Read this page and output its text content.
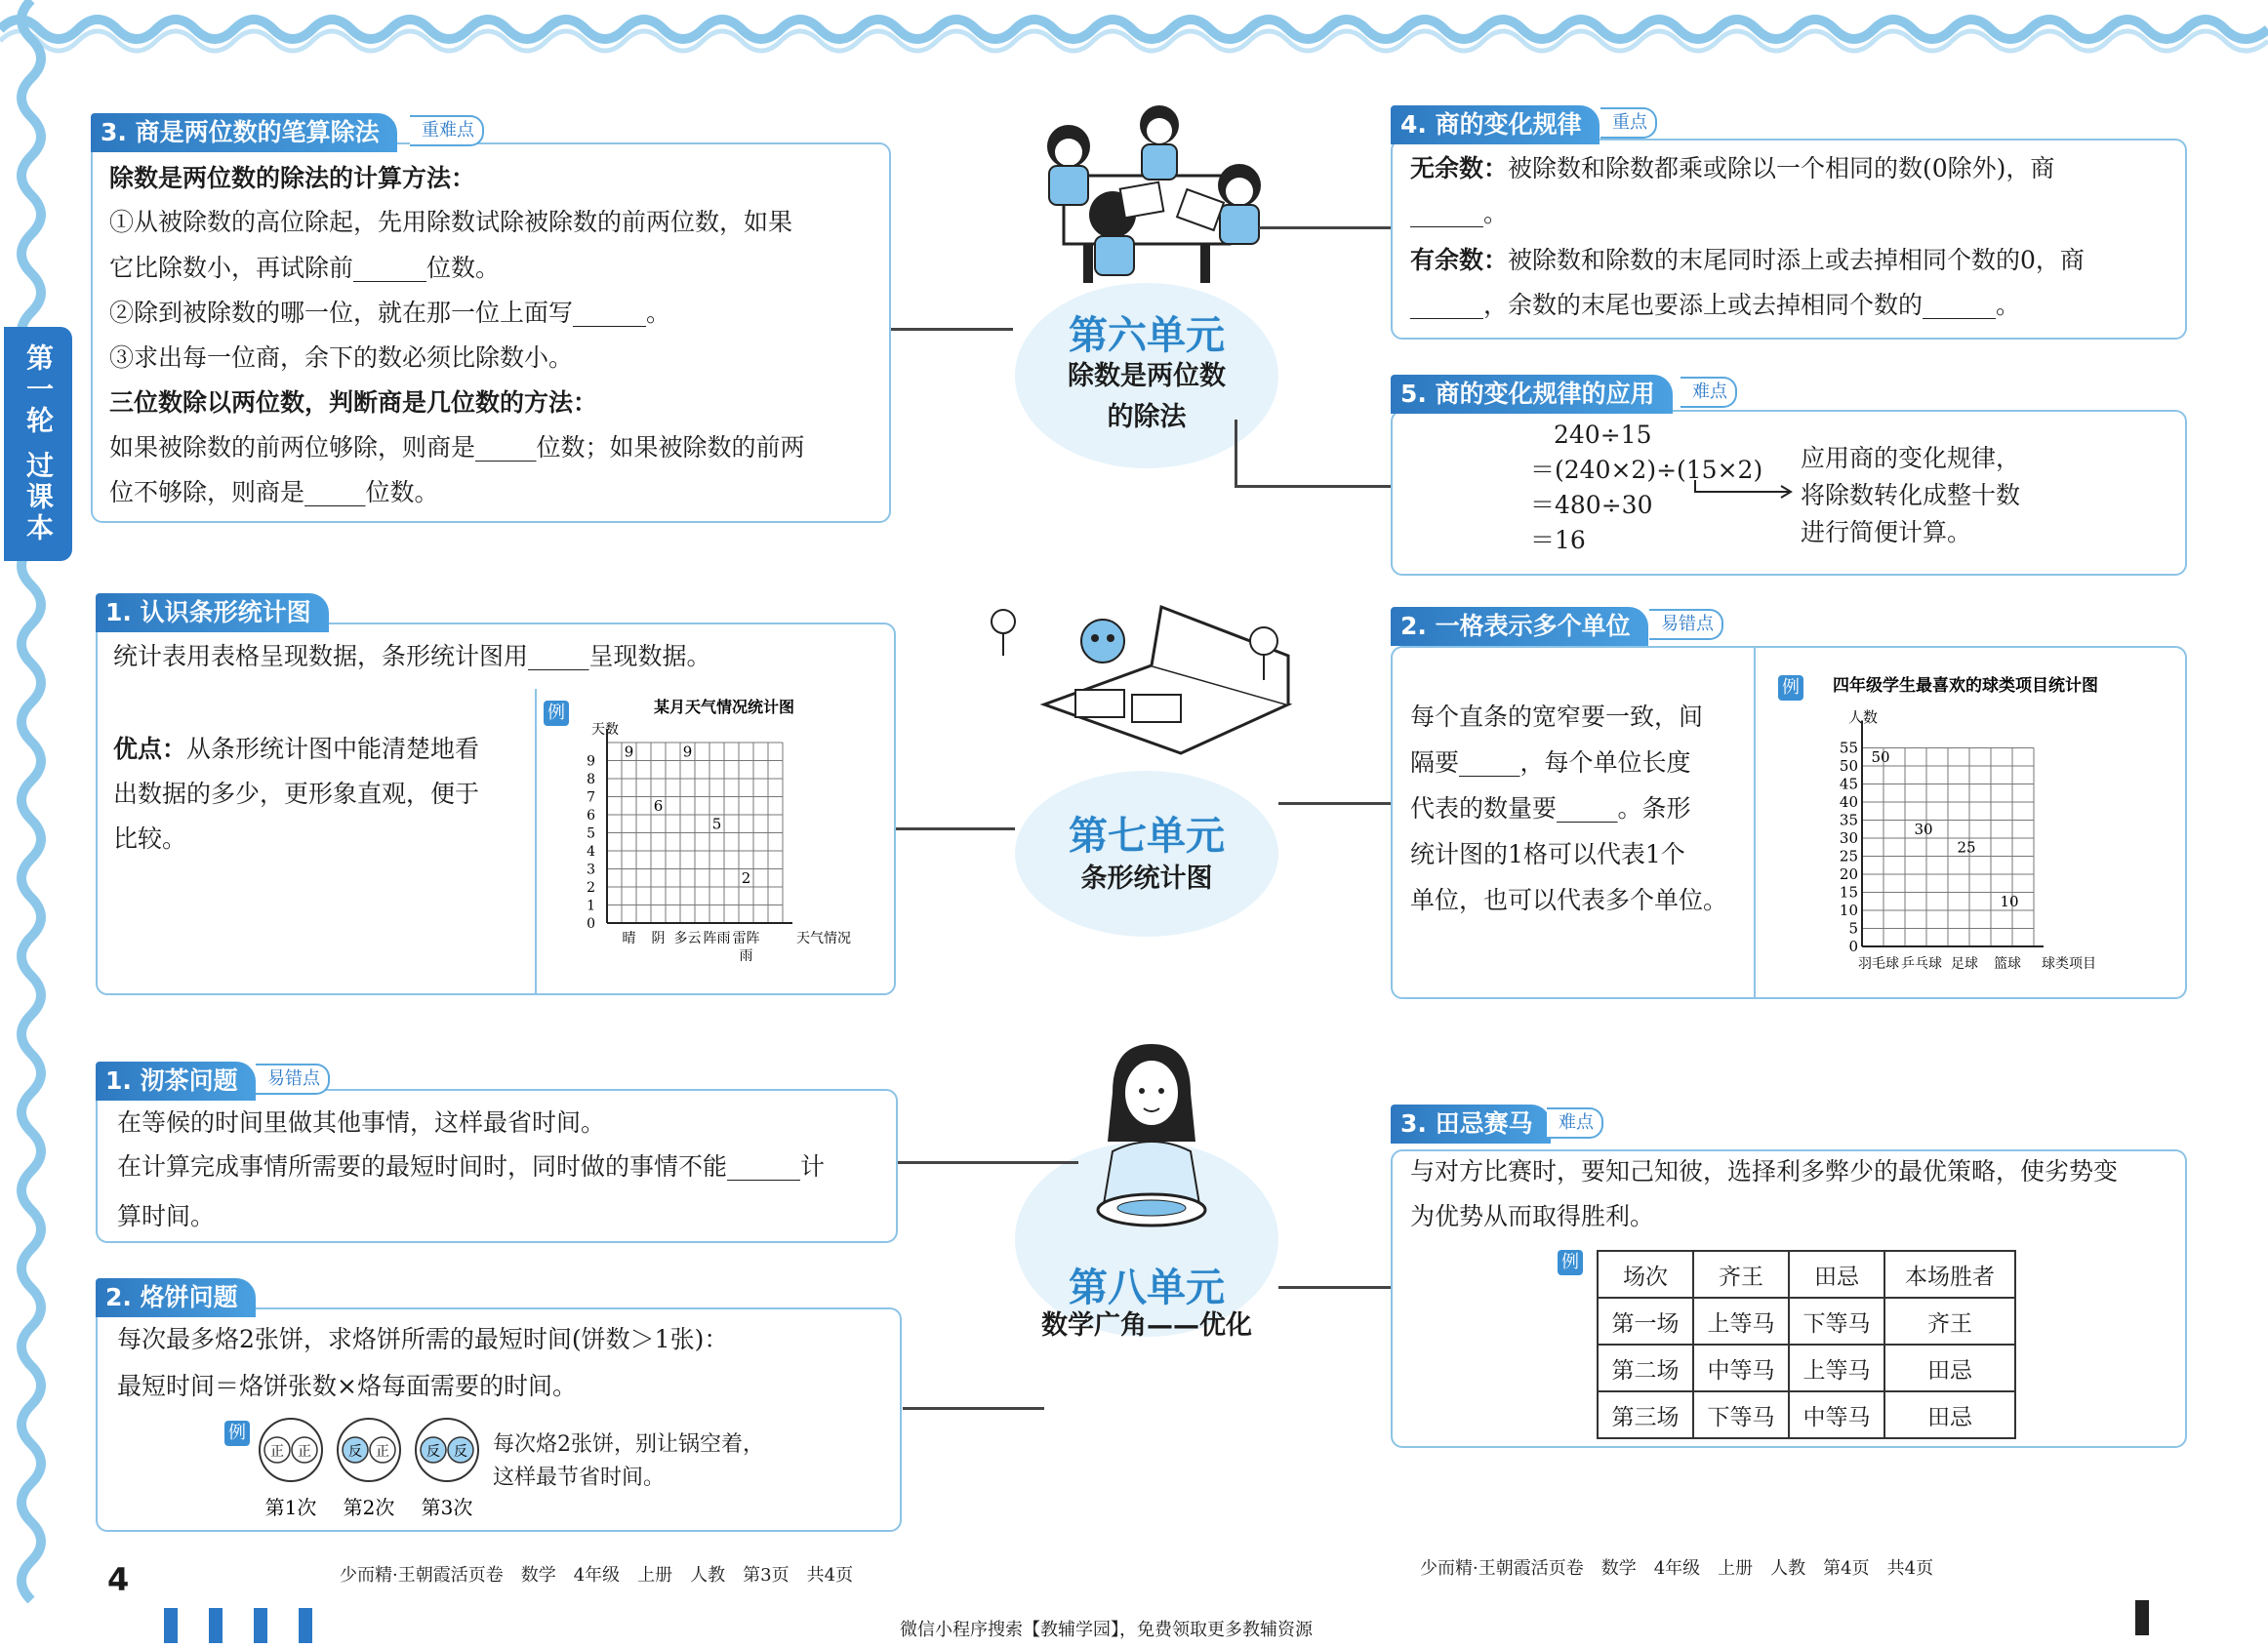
第一轮 过课本
第六单元
除数是两位数
的除法
3. 商是两位数的笔算除法	重难点
除数是两位数的除法的计算方法：
①从被除数的高位除起，先用除数试除被除数的前两位数，如果
它比除数小，再试除前______位数。
②除到被除数的哪一位，就在那一位上面写______。
③求出每一位商，余下的数必须比除数小。
三位数除以两位数，判断商是几位数的方法：
如果被除数的前两位够除，则商是_____位数；如果被除数的前两
位不够除，则商是_____位数。
4. 商的变化规律	重点
无余数：被除数和除数都乘或除以一个相同的数(0除外)，商
______。
有余数：被除数和除数的末尾同时添上或去掉相同个数的0，商
______，余数的末尾也要添上或去掉相同个数的______。
5. 商的变化规律的应用	难点
240÷15
＝(240×2)÷(15×2)
＝480÷30
＝16
应用商的变化规律，
将除数转化成整十数
进行简便计算。
第七单元
条形统计图
1. 认识条形统计图
统计表用表格呈现数据，条形统计图用_____呈现数据。
优点：从条形统计图中能清楚地看
出数据的多少，更形象直观，便于
比较。
例	某月天气情况统计图
天数
0
1
2
3
4
5
6
7
8
9
晴
9
阴
6
多云
9
阵雨
5
雷阵
雨
2
天气情况
2. 一格表示多个单位	易错点
每个直条的宽窄要一致，间
隔要_____，每个单位长度
代表的数量要_____。条形
统计图的1格可以代表1个
单位，也可以代表多个单位。
例 四年级学生最喜欢的球类项目统计图
人数
0
5
10
15
20
25
30
35
40
45
50
55
羽毛球
50
乒乓球
30
足球
25
篮球
10
球类项目
第八单元
数学广角——优化
1. 沏茶问题	易错点
在等候的时间里做其他事情，这样最省时间。
在计算完成事情所需要的最短时间时，同时做的事情不能______计
算时间。
2. 烙饼问题
每次最多烙2张饼，求烙饼所需的最短时间(饼数＞1张)：
最短时间＝烙饼张数×烙每面需要的时间。
例
正 正
第1次
反 正
第2次
反 反
第3次
每次烙2张饼，别让锅空着，
这样最节省时间。
3. 田忌赛马	难点
与对方比赛时，要知己知彼，选择利多弊少的最优策略，使劣势变
为优势从而取得胜利。
例
场次	齐王	田忌	本场胜者
第一场	上等马	下等马	齐王
第二场	中等马	上等马	田忌
第三场	下等马	中等马	田忌
4	少而精·王朝霞活页卷　数学　4年级　上册　人教　第3页　共4页	少而精·王朝霞活页卷　数学　4年级　上册　人教　第4页　共4页
微信小程序搜索【教辅学园】，免费领取更多教辅资源
